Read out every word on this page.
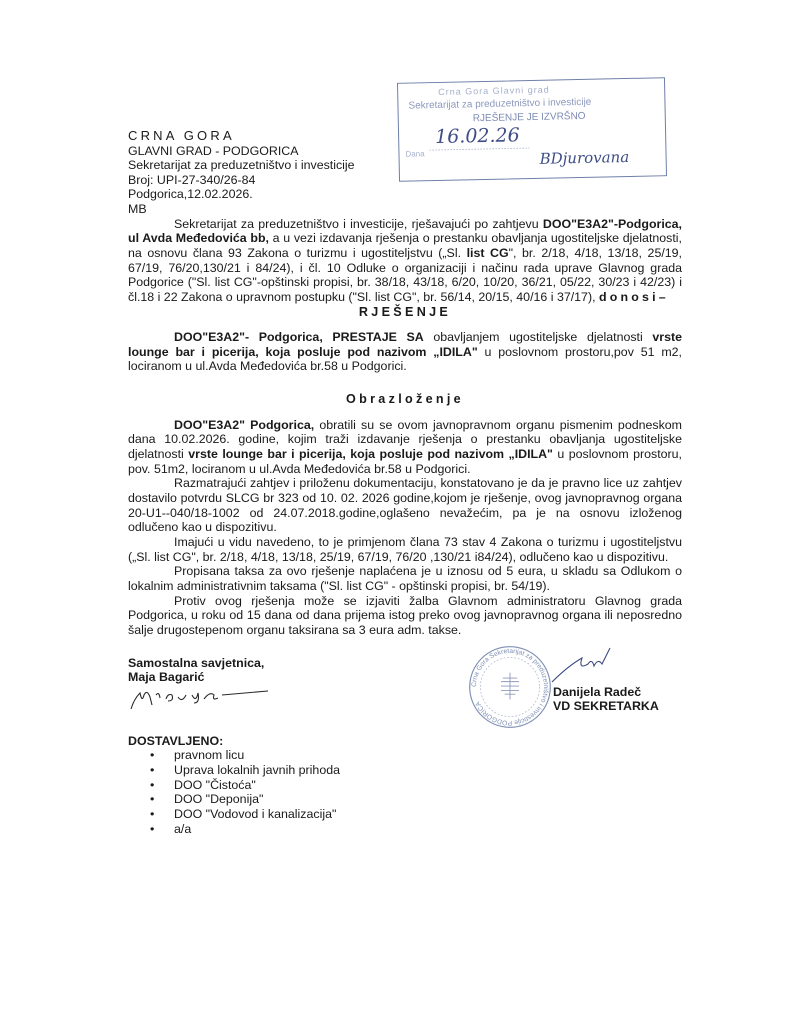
Crna Gora Glavni grad
Sekretarijat za preduzetništvo i investicije
RJEŠENJE JE IZVRŠNO
16.02.26
Dana	BDjurovana
CRNA GORA
GLAVNI GRAD - PODGORICA
Sekretarijat za preduzetništvo i investicije
Broj: UPI-27-340/26-84
Podgorica,12.02.2026.
MB

Sekretarijat za preduzetništvo i investicije, rješavajući po zahtjevu DOO"E3A2"-Podgorica, ul Avda Međedovića bb, a u vezi izdavanja rješenja o prestanku obavljanja ugostiteljske djelatnosti, na osnovu člana 93 Zakona o turizmu i ugostiteljstvu („Sl. list CG", br. 2/18, 4/18, 13/18, 25/19, 67/19, 76/20,130/21 i 84/24), i čl. 10 Odluke o organizaciji i načinu rada uprave Glavnog grada Podgorice ("Sl. list CG"-opštinski propisi, br. 38/18, 43/18, 6/20, 10/20, 36/21, 05/22, 30/23 i 42/23) i čl.18 i 22 Zakona o upravnom postupku ("Sl. list CG", br. 56/14, 20/15, 40/16 i 37/17), donosi–

RJEŠENJE

DOO"E3A2"- Podgorica, PRESTAJE SA obavljanjem ugostiteljske djelatnosti vrste lounge bar i picerija, koja posluje pod nazivom „IDILA" u poslovnom prostoru,pov 51 m2, lociranom u ul.Avda Međedovića br.58 u Podgorici.

Obrazloženje

DOO"E3A2" Podgorica, obratili su se ovom javnopravnom organu pismenim podneskom dana 10.02.2026. godine, kojim traži izdavanje rješenja o prestanku obavljanja ugostiteljske djelatnosti vrste lounge bar i picerija, koja posluje pod nazivom „IDILA" u poslovnom prostoru, pov. 51m2, lociranom u ul.Avda Međedovića br.58 u Podgorici.

Razmatrajući zahtjev i priloženu dokumentaciju, konstatovano je da je pravno lice uz zahtjev dostavilo potvrdu SLCG br 323 od 10. 02. 2026 godine,kojom je rješenje, ovog javnopravnog organa 20-U1--040/18-1002 od 24.07.2018.godine,oglašeno nevažećim, pa je na osnovu izloženog odlučeno kao u dispozitivu.

Imajući u vidu navedeno, to je primjenom člana 73 stav 4 Zakona o turizmu i ugostiteljstvu („Sl. list CG", br. 2/18, 4/18, 13/18, 25/19, 67/19, 76/20 ,130/21 i84/24), odlučeno kao u dispozitivu.

Propisana taksa za ovo rješenje naplaćena je u iznosu od 5 eura, u skladu sa Odlukom o lokalnim administrativnim taksama ("Sl. list CG" - opštinski propisi, br. 54/19).

Protiv ovog rješenja može se izjaviti žalba Glavnom administratoru Glavnog grada Podgorica, u roku od 15 dana od dana prijema istog preko ovog javnopravnog organa ili neposredno šalje drugostepenom organu taksirana sa 3 eura adm. takse.

Samostalna savjetnica,
Maja Bagarić	Crna Gora Sekretarijat za preduzetništvo i investicije PODGORICA
Danijela Radeč
VD SEKRETARKA
DOSTAVLJENO:
• pravnom licu
• Uprava lokalnih javnih prihoda
• DOO "Čistoća"
• DOO "Deponija"
• DOO "Vodovod i kanalizacija"
• a/a
